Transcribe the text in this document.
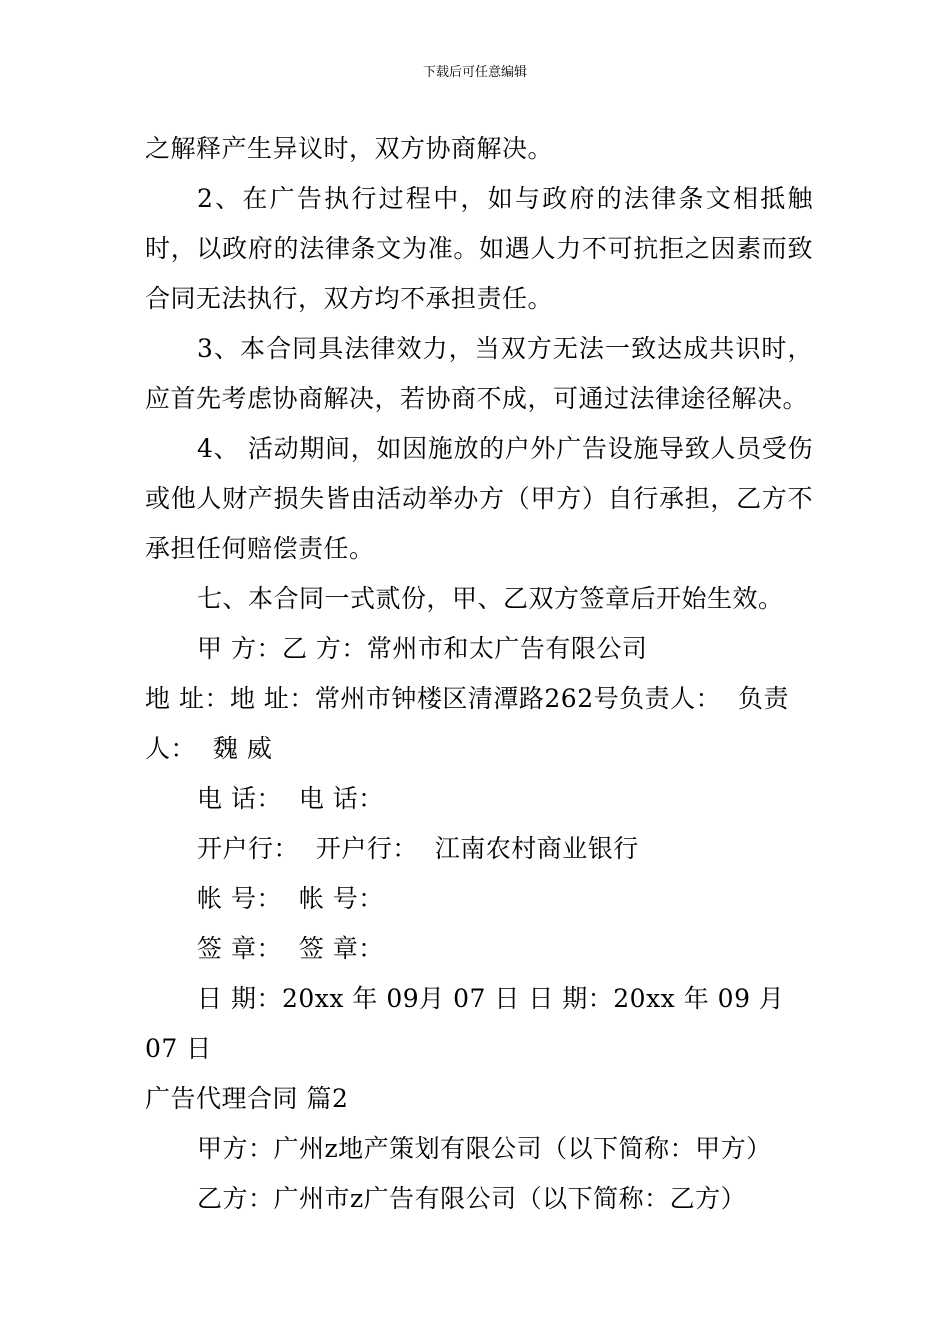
下载后可任意编辑

之解释产生异议时，双方协商解决。

2、在广告执行过程中，如与政府的法律条文相抵触时，以政府的法律条文为准。如遇人力不可抗拒之因素而致合同无法执行，双方均不承担责任。

3、本合同具法律效力，当双方无法一致达成共识时，应首先考虑协商解决，若协商不成，可通过法律途径解决。

4、 活动期间，如因施放的户外广告设施导致人员受伤或他人财产损失皆由活动举办方（甲方）自行承担，乙方不承担任何赔偿责任。

七、本合同一式贰份，甲、乙双方签章后开始生效。

甲 方：乙 方：常州市和太广告有限公司

地 址：地 址：常州市钟楼区清潭路262号负责人：  负责

人：  魏 威

电 话：  电 话：

开户行：  开户行：  江南农村商业银行

帐 号：  帐 号：

签 章：  签 章：

日 期：20xx 年 09月 07 日 日 期：20xx 年 09 月

07 日

广告代理合同 篇2

甲方：广州z地产策划有限公司（以下简称：甲方）

乙方：广州市z广告有限公司（以下简称：乙方）
